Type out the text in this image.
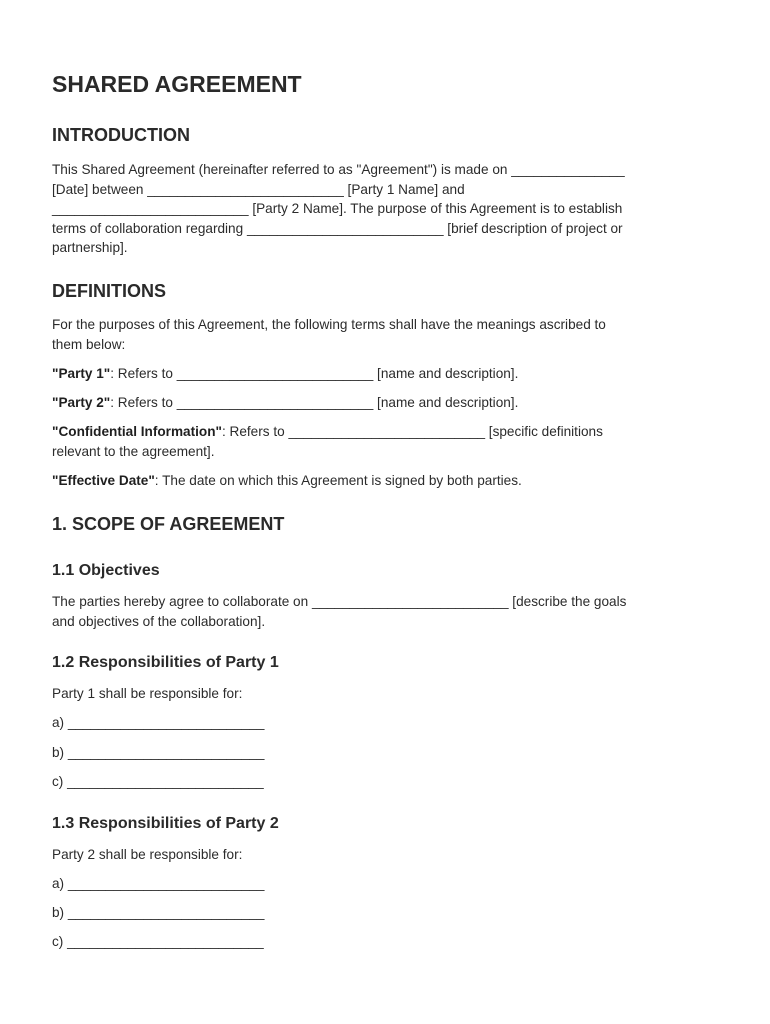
SHARED AGREEMENT
INTRODUCTION
This Shared Agreement (hereinafter referred to as "Agreement") is made on _______________
[Date] between __________________________ [Party 1 Name] and
__________________________ [Party 2 Name]. The purpose of this Agreement is to establish
terms of collaboration regarding __________________________ [brief description of project or
partnership].
DEFINITIONS
For the purposes of this Agreement, the following terms shall have the meanings ascribed to
them below:
"Party 1": Refers to __________________________ [name and description].
"Party 2": Refers to __________________________ [name and description].
"Confidential Information": Refers to __________________________ [specific definitions
relevant to the agreement].
"Effective Date": The date on which this Agreement is signed by both parties.
1. SCOPE OF AGREEMENT
1.1 Objectives
The parties hereby agree to collaborate on __________________________ [describe the goals
and objectives of the collaboration].
1.2 Responsibilities of Party 1
Party 1 shall be responsible for:
a) __________________________
b) __________________________
c) __________________________
1.3 Responsibilities of Party 2
Party 2 shall be responsible for:
a) __________________________
b) __________________________
c) __________________________
